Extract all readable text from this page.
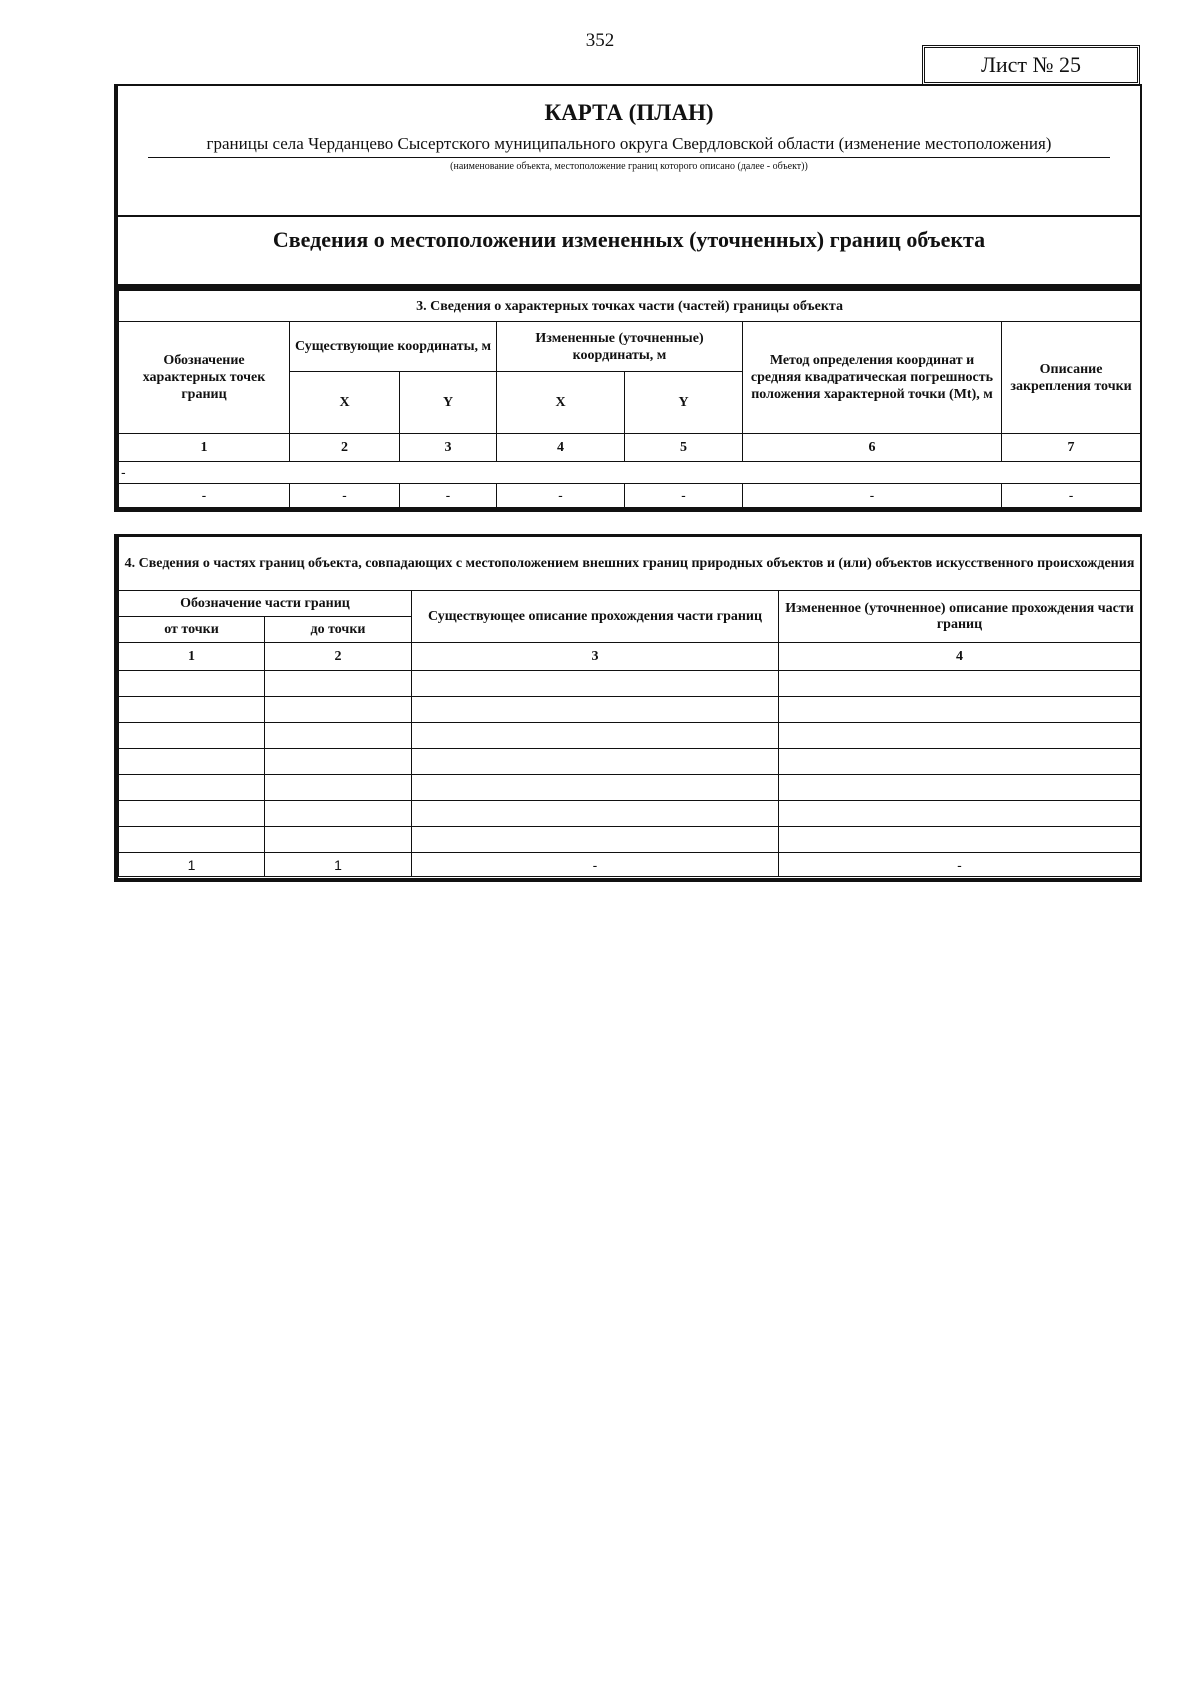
352
Лист № 25
КАРТА (ПЛАН)
границы села Черданцево Сысертского муниципального округа Свердловской области (изменение местоположения)
(наименование объекта, местоположение границ которого описано (далее - объект))
Сведения о местоположении измененных (уточненных) границ объекта
3. Сведения о характерных точках части (частей) границы объекта						
Обозначение характерных точек границ	Существующие координаты, м		Измененные (уточненные) координаты, м		Метод определения координат и средняя квадратическая погрешность положения характерной точки (Mt), м	Описание закрепления точки
	X	Y	X	Y		
1	2	3	4	5	6	7
-						
-	-	-	-	-	-	-
4. Сведения о частях границ объекта, совпадающих с местоположением внешних границ природных объектов и (или) объектов искусственного происхождения			
Обозначение части границ		Существующее описание прохождения части границ	Измененное (уточненное) описание прохождения части границ
от точки	до точки		
1	2	3	4

1	1	-	-
